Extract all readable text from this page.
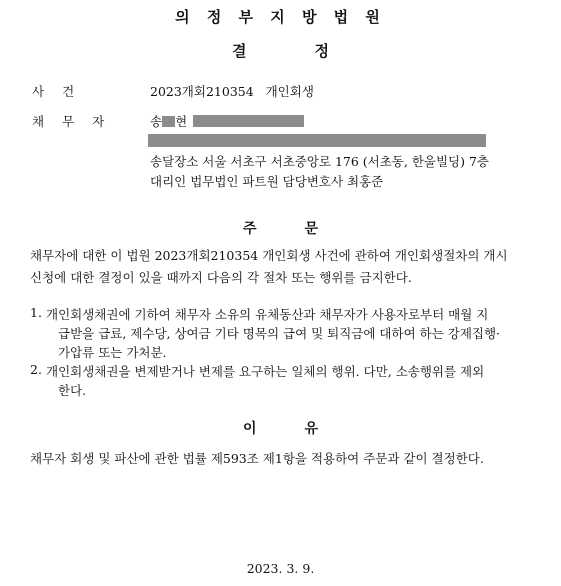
의 정 부 지 방 법 원
결정
사건	2023개회210354 개인회생
채무자 송 현
송달장소 서울 서초구 서초중앙로 176 (서초동, 한울빌딩) 7층
대리인 법무법인 파트원 담당변호사 최홍준
주문
채무자에 대한 이 법원 2023개회210354 개인회생 사건에 관하여 개인회생절차의 개시
신청에 대한 결정이 있을 때까지 다음의 각 절차 또는 행위를 금지한다.
1. 개인회생채권에 기하여 채무자 소유의 유체동산과 채무자가 사용자로부터 매월 지
급받을 급료, 제수당, 상여금 기타 명목의 급여 및 퇴직금에 대하여 하는 강제집행·
가압류 또는 가처분.
2. 개인회생채권을 변제받거나 변제를 요구하는 일체의 행위. 다만, 소송행위를 제외
한다.
이유
채무자 회생 및 파산에 관한 법률 제593조 제1항을 적용하여 주문과 같이 결정한다.
2023. 3. 9.
